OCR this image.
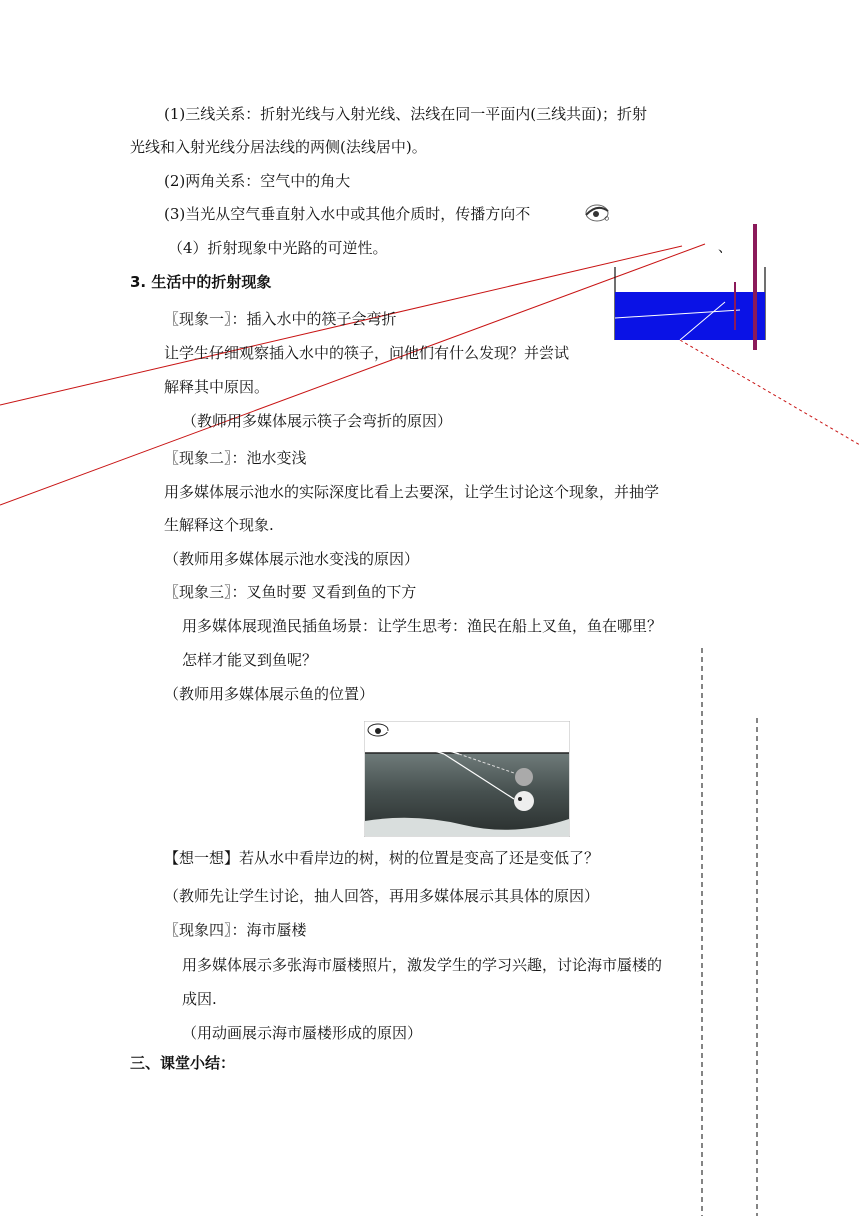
、
(1)三线关系：折射光线与入射光线、法线在同一平面内(三线共面)；折射
光线和入射光线分居法线的两侧(法线居中)。
(2)两角关系：空气中的角大
(3)当光从空气垂直射入水中或其他介质时，传播方向不	。
（4）折射现象中光路的可逆性。
3. 生活中的折射现象
〖现象一〗：插入水中的筷子会弯折
让学生仔细观察插入水中的筷子，问他们有什么发现？并尝试
解释其中原因。
（教师用多媒体展示筷子会弯折的原因）
〖现象二〗：池水变浅
用多媒体展示池水的实际深度比看上去要深，让学生讨论这个现象，并抽学
生解释这个现象.
（教师用多媒体展示池水变浅的原因）
〖现象三〗：叉鱼时要 叉看到鱼的下方
用多媒体展现渔民插鱼场景：让学生思考：渔民在船上叉鱼，鱼在哪里？
怎样才能叉到鱼呢？
（教师用多媒体展示鱼的位置）
【想一想】若从水中看岸边的树，树的位置是变高了还是变低了？
（教师先让学生讨论，抽人回答，再用多媒体展示其具体的原因）
〖现象四〗：海市蜃楼
用多媒体展示多张海市蜃楼照片，激发学生的学习兴趣，讨论海市蜃楼的
成因.
（用动画展示海市蜃楼形成的原因）
三、课堂小结：
